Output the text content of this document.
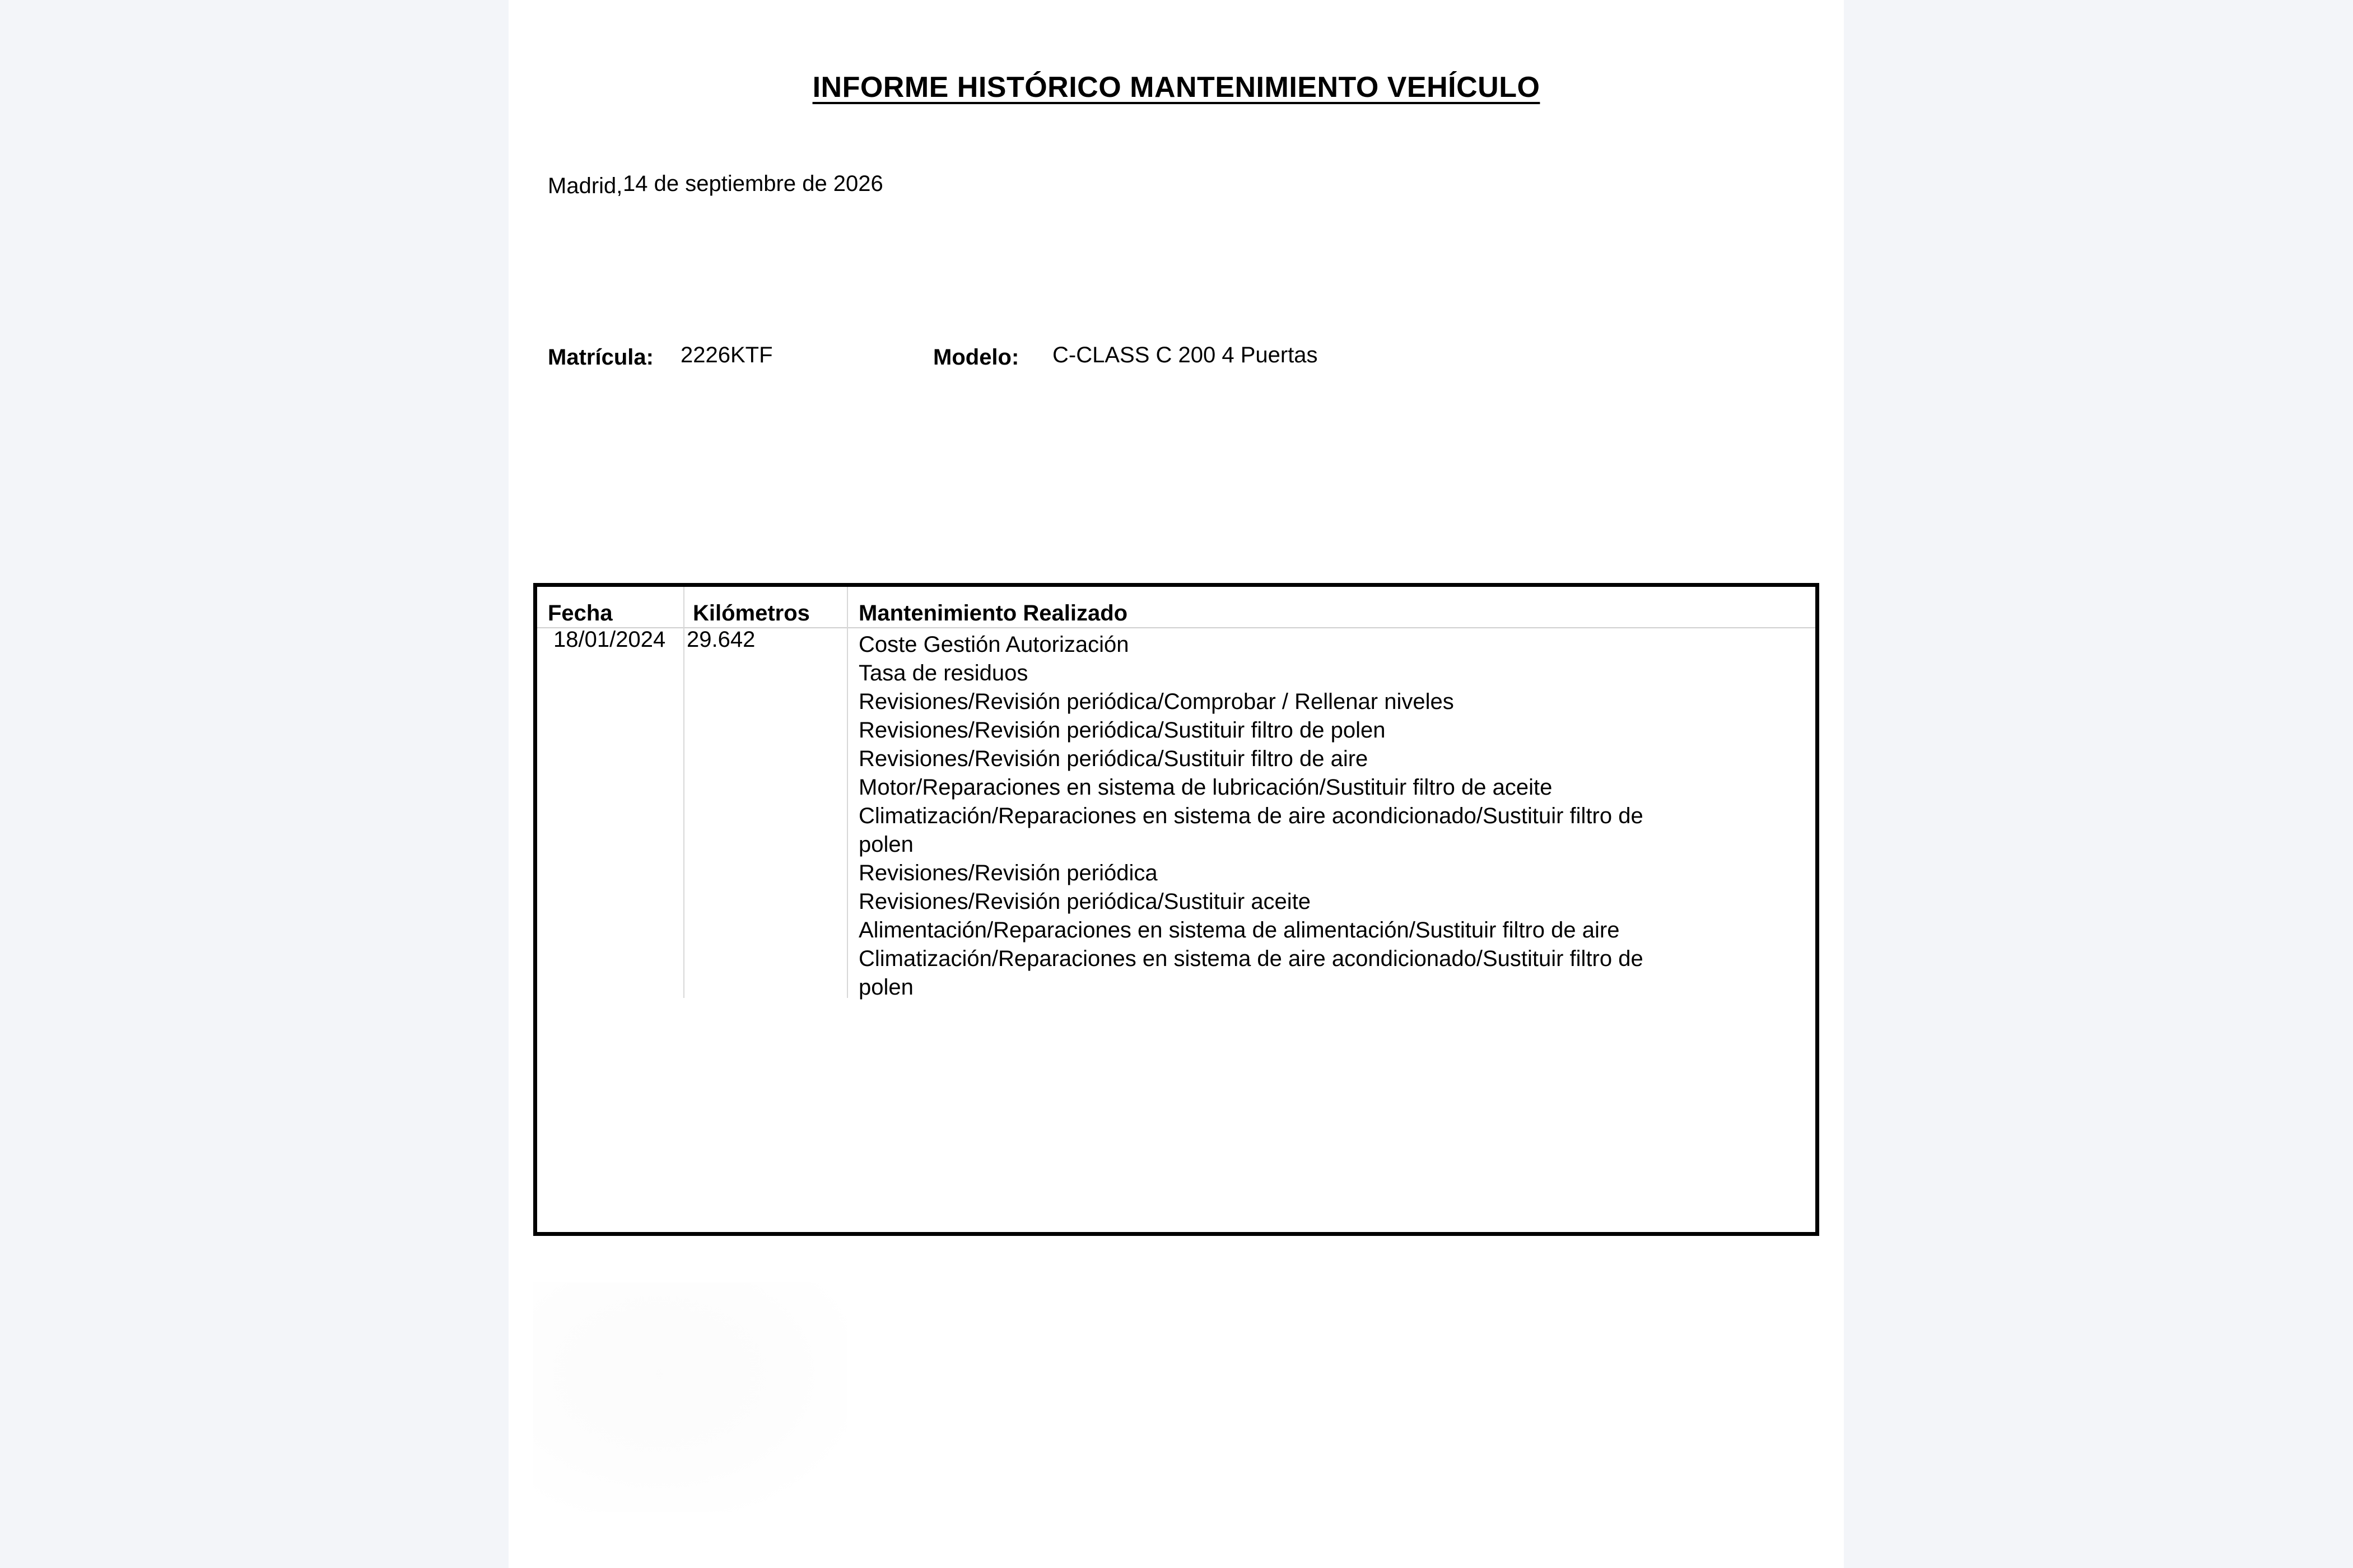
INFORME HISTÓRICO MANTENIMIENTO VEHÍCULO
Madrid, 14 de septiembre de 2026
Matrícula: 2226KTF	Modelo: C-CLASS C 200 4 Puertas
Fecha	Kilómetros Mantenimiento Realizado
18/01/2024 29.642	Coste Gestión Autorización
Tasa de residuos
Revisiones/Revisión periódica/Comprobar / Rellenar niveles
Revisiones/Revisión periódica/Sustituir filtro de polen
Revisiones/Revisión periódica/Sustituir filtro de aire
Motor/Reparaciones en sistema de lubricación/Sustituir filtro de aceite
Climatización/Reparaciones en sistema de aire acondicionado/Sustituir filtro de
polen
Revisiones/Revisión periódica
Revisiones/Revisión periódica/Sustituir aceite
Alimentación/Reparaciones en sistema de alimentación/Sustituir filtro de aire
Climatización/Reparaciones en sistema de aire acondicionado/Sustituir filtro de
polen
